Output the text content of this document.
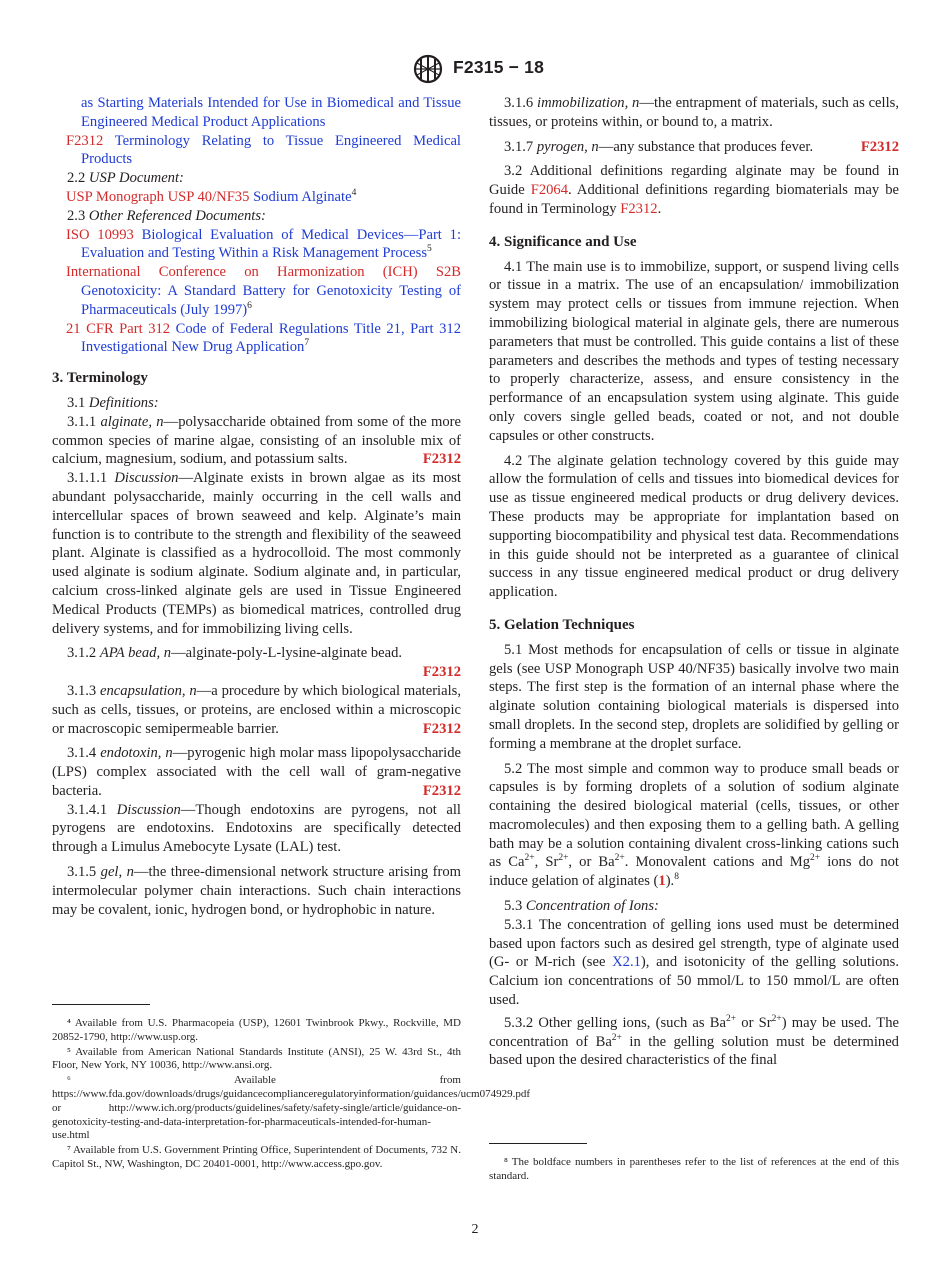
F2315 − 18

as Starting Materials Intended for Use in Biomedical and Tissue Engineered Medical Product Applications

F2312 Terminology Relating to Tissue Engineered Medical Products

2.2 USP Document:

USP Monograph USP 40/NF35 Sodium Alginate$^4$

2.3 Other Referenced Documents:

ISO 10993 Biological Evaluation of Medical Devices—Part 1: Evaluation and Testing Within a Risk Management Process$^5$

International Conference on Harmonization (ICH) S2B Genotoxicity: A Standard Battery for Genotoxicity Testing of Pharmaceuticals (July 1997)$^6$

21 CFR Part 312 Code of Federal Regulations Title 21, Part 312 Investigational New Drug Application$^7$

3. Terminology

3.1 Definitions:

3.1.1 alginate, n—polysaccharide obtained from some of the more common species of marine algae, consisting of an insoluble mix of calcium, magnesium, sodium, and potassium salts.	F2312

3.1.1.1 Discussion—Alginate exists in brown algae as its most abundant polysaccharide, mainly occurring in the cell walls and intercellular spaces of brown seaweed and kelp. Alginate’s main function is to contribute to the strength and flexibility of the seaweed plant. Alginate is classified as a hydrocolloid. The most commonly used alginate is sodium alginate. Sodium alginate and, in particular, calcium cross-linked alginate gels are used in Tissue Engineered Medical Products (TEMPs) as biomedical matrices, controlled drug delivery systems, and for immobilizing living cells.

3.1.2 APA bead, n—alginate-poly-L-lysine-alginate bead.
F2312

3.1.3 encapsulation, n—a procedure by which biological materials, such as cells, tissues, or proteins, are enclosed within a microscopic or macroscopic semipermeable barrier.	F2312

3.1.4 endotoxin, n—pyrogenic high molar mass lipopolysaccharide (LPS) complex associated with the cell wall of gram-negative bacteria.	F2312

3.1.4.1 Discussion—Though endotoxins are pyrogens, not all pyrogens are endotoxins. Endotoxins are specifically detected through a Limulus Amebocyte Lysate (LAL) test.

3.1.5 gel, n—the three-dimensional network structure arising from intermolecular polymer chain interactions. Such chain interactions may be covalent, ionic, hydrogen bond, or hydrophobic in nature.

⁴ Available from U.S. Pharmacopeia (USP), 12601 Twinbrook Pkwy., Rockville, MD 20852-1790, http://www.usp.org.

⁵ Available from American National Standards Institute (ANSI), 25 W. 43rd St., 4th Floor, New York, NY 10036, http://www.ansi.org.

⁶ Available from https://www.fda.gov/downloads/drugs/guidancecomplianceregulatoryinformation/guidances/ucm074929.pdf or http://www.ich.org/products/guidelines/safety/safety-single/article/guidance-on-genotoxicity-testing-and-data-interpretation-for-pharmaceuticals-intended-for-human-use.html

⁷ Available from U.S. Government Printing Office, Superintendent of Documents, 732 N. Capitol St., NW, Washington, DC 20401-0001, http://www.access.gpo.gov.

3.1.6 immobilization, n—the entrapment of materials, such as cells, tissues, or proteins within, or bound to, a matrix.

3.1.7 pyrogen, n—any substance that produces fever.	F2312

3.2 Additional definitions regarding alginate may be found in Guide F2064. Additional definitions regarding biomaterials may be found in Terminology F2312.

4. Significance and Use

4.1 The main use is to immobilize, support, or suspend living cells or tissue in a matrix. The use of an encapsulation/ immobilization system may protect cells or tissues from immune rejection. When immobilizing biological material in alginate gels, there are numerous parameters that must be controlled. This guide contains a list of these parameters and describes the methods and types of testing necessary to properly characterize, assess, and ensure consistency in the performance of an encapsulation system using alginate. This guide only covers single gelled beads, coated or not, and not double capsules or other constructs.

4.2 The alginate gelation technology covered by this guide may allow the formulation of cells and tissues into biomedical devices for use as tissue engineered medical products or drug delivery devices. These products may be appropriate for implantation based on supporting biocompatibility and physical test data. Recommendations in this guide should not be interpreted as a guarantee of clinical success in any tissue engineered medical product or drug delivery application.

5. Gelation Techniques

5.1 Most methods for encapsulation of cells or tissue in alginate gels (see USP Monograph USP 40/NF35) basically involve two main steps. The first step is the formation of an internal phase where the alginate solution containing biological materials is dispersed into small droplets. In the second step, droplets are solidified by gelling or forming a membrane at the droplet surface.

5.2 The most simple and common way to produce small beads or capsules is by forming droplets of a solution of sodium alginate containing the desired biological material (cells, tissues, or other macromolecules) and then exposing them to a gelling bath. A gelling bath may be a solution containing divalent cross-linking cations such as $Ca^{2+}$, $Sr^{2+}$, or $Ba^{2+}$. Monovalent cations and $Mg^{2+}$ ions do not induce gelation of alginates (1).$^8$

5.3 Concentration of Ions:

5.3.1 The concentration of gelling ions used must be determined based upon factors such as desired gel strength, type of alginate used (G- or M-rich (see X2.1), and isotonicity of the gelling solutions. Calcium ion concentrations of 50 mmol/L to 150 mmol/L are often used.

5.3.2 Other gelling ions, (such as $Ba^{2+}$ or $Sr^{2+}$) may be used. The concentration of $Ba^{2+}$ in the gelling solution must be determined based upon the desired characteristics of the final

⁸ The boldface numbers in parentheses refer to the list of references at the end of this standard.

2
